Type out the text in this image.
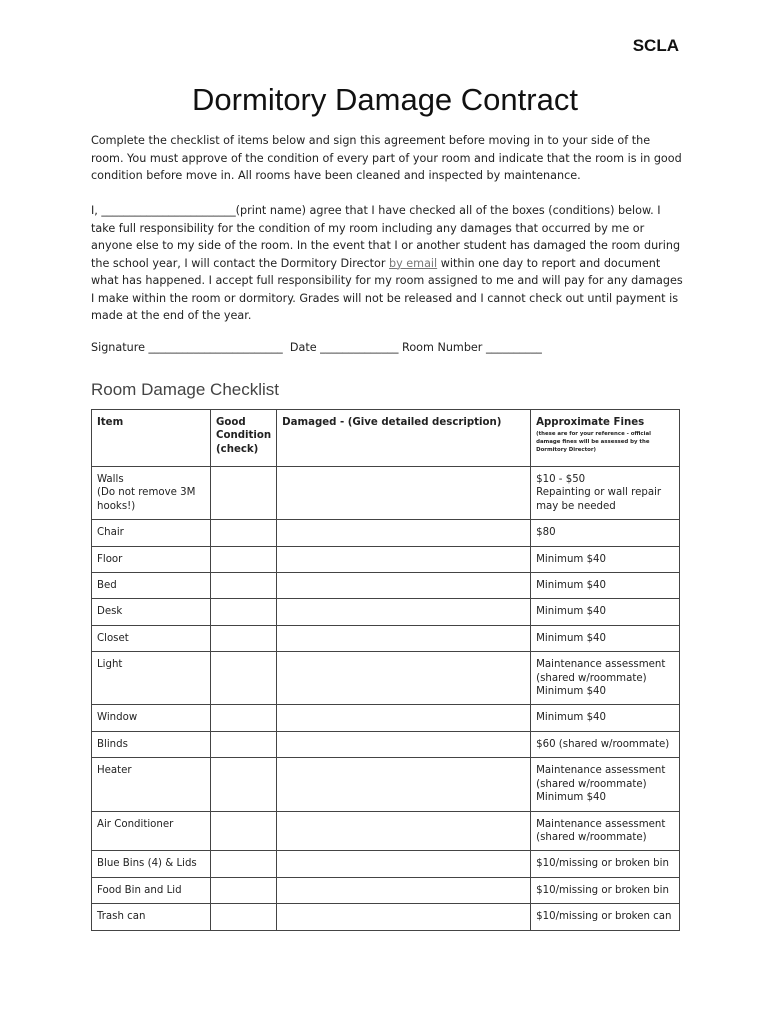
SCLA
Dormitory Damage Contract

Complete the checklist of items below and sign this agreement before moving in to your side of the room. You must approve of the condition of every part of your room and indicate that the room is in good condition before move in. All rooms have been cleaned and inspected by maintenance.

I, ________________________(print name) agree that I have checked all of the boxes (conditions) below. I take full responsibility for the condition of my room including any damages that occurred by me or anyone else to my side of the room. In the event that I or another student has damaged the room during the school year, I will contact the Dormitory Director by email within one day to report and document what has happened. I accept full responsibility for my room assigned to me and will pay for any damages I make within the room or dormitory. Grades will not be released and I cannot check out until payment is made at the end of the year.

Signature ________________________  Date ______________ Room Number __________
Room Damage Checklist
Item	Good Condition (check)	Damaged - (Give detailed description)	Approximate Fines
(these are for your reference - official damage fines will be assessed by the Dormitory Director)

Walls
(Do not remove 3M hooks!)			$10 - $50
Repainting or wall repair may be needed
Chair			$80
Floor			Minimum $40
Bed			Minimum $40
Desk			Minimum $40
Closet			Minimum $40
Light			Maintenance assessment (shared w/roommate)
Minimum $40
Window			Minimum $40
Blinds			$60 (shared w/roommate)
Heater			Maintenance assessment (shared w/roommate)
Minimum $40
Air Conditioner			Maintenance assessment (shared w/roommate)
Blue Bins (4) & Lids			$10/missing or broken bin
Food Bin and Lid			$10/missing or broken bin
Trash can			$10/missing or broken can
